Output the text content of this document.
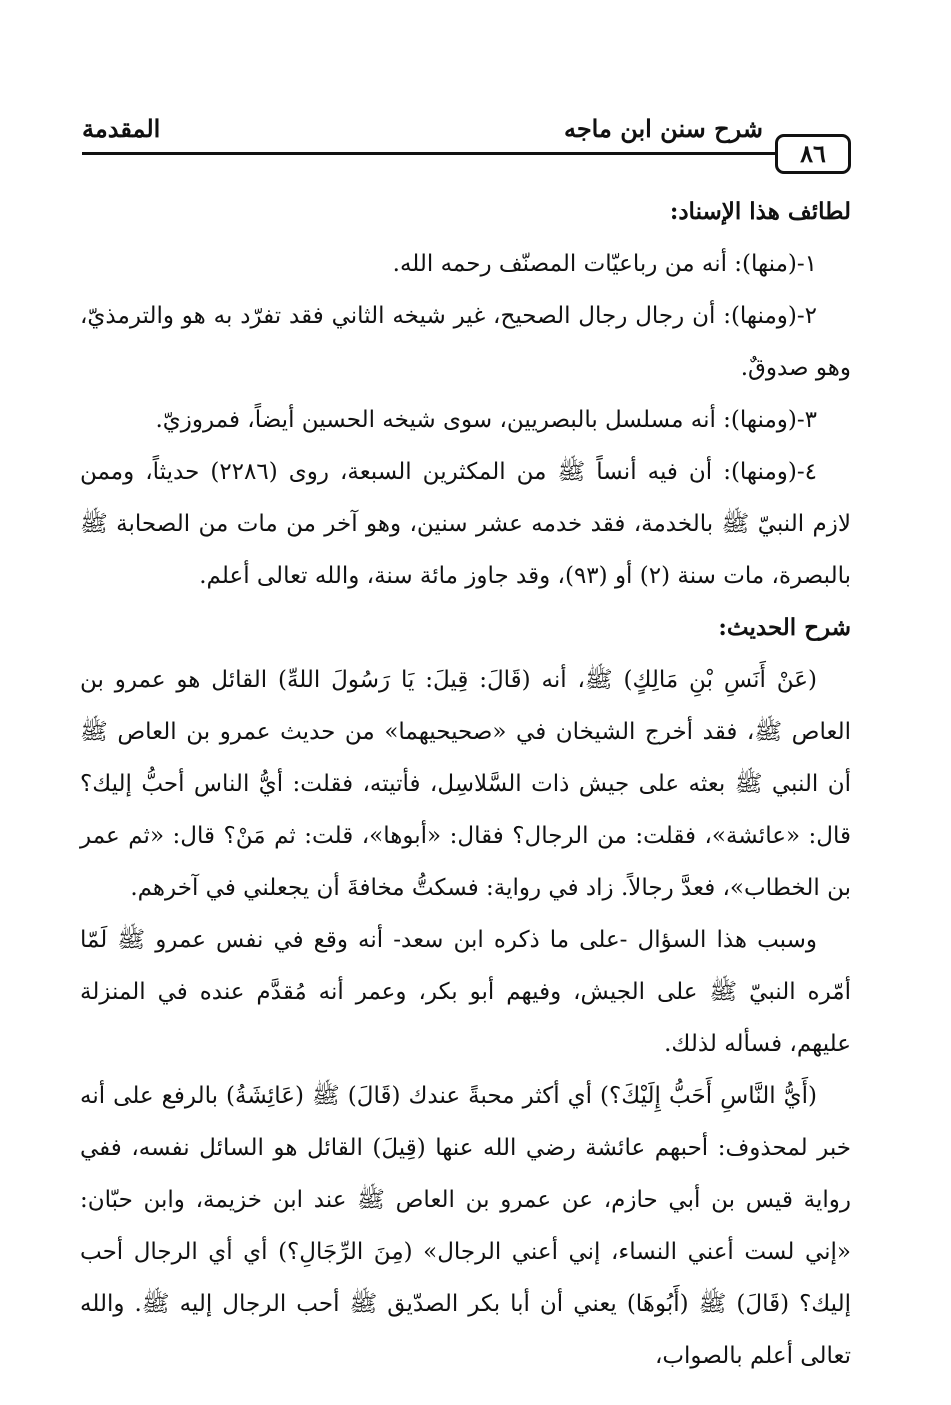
المقدمة	شرح سنن ابن ماجه
٨٦

لطائف هذا الإسناد:

١-(منها): أنه من رباعيّات المصنّف رحمه الله.

٢-(ومنها): أن رجال رجال الصحيح، غير شيخه الثاني فقد تفرّد به هو والترمذيّ، وهو صدوقٌ.

٣-(ومنها): أنه مسلسل بالبصريين، سوى شيخه الحسين أيضاً، فمروزيّ.

٤-(ومنها): أن فيه أنساً ﷺ من المكثرين السبعة، روى (٢٢٨٦) حديثاً، وممن لازم النبيّ ﷺ بالخدمة، فقد خدمه عشر سنين، وهو آخر من مات من الصحابة ﷺ بالبصرة، مات سنة (٢) أو (٩٣)، وقد جاوز مائة سنة، والله تعالى أعلم.

شرح الحديث:

(عَنْ أَنَسِ بْنِ مَالِكٍ) ﷺ، أنه (قَالَ: قِيلَ: يَا رَسُولَ اللهِّ) القائل هو عمرو بن العاص ﷺ، فقد أخرج الشيخان في «صحيحيهما» من حديث عمرو بن العاص ﷺ أن النبي ﷺ بعثه على جيش ذات السَّلاسِل، فأتيته، فقلت: أيُّ الناس أحبُّ إليك؟ قال: «عائشة»، فقلت: من الرجال؟ فقال: «أبوها»، قلت: ثم مَنْ؟ قال: «ثم عمر بن الخطاب»، فعدَّ رجالاً. زاد في رواية: فسكتُّ مخافةَ أن يجعلني في آخرهم.

وسبب هذا السؤال -على ما ذكره ابن سعد- أنه وقع في نفس عمرو ﷺ لَمّا أمّره النبيّ ﷺ على الجيش، وفيهم أبو بكر، وعمر أنه مُقدَّم عنده في المنزلة عليهم، فسأله لذلك.

(أَيُّ النَّاسِ أَحَبُّ إِلَيْكَ؟) أي أكثر محبةً عندك (قَالَ) ﷺ (عَائِشَةُ) بالرفع على أنه خبر لمحذوف: أحبهم عائشة رضي الله عنها (قِيلَ) القائل هو السائل نفسه، ففي رواية قيس بن أبي حازم، عن عمرو بن العاص ﷺ عند ابن خزيمة، وابن حبّان: «إني لست أعني النساء، إني أعني الرجال» (مِنَ الرِّجَالِ؟) أي أي الرجال أحب إليك؟ (قَالَ) ﷺ (أَبُوهَا) يعني أن أبا بكر الصدّيق ﷺ أحب الرجال إليه ﷺ. والله تعالى أعلم بالصواب،
